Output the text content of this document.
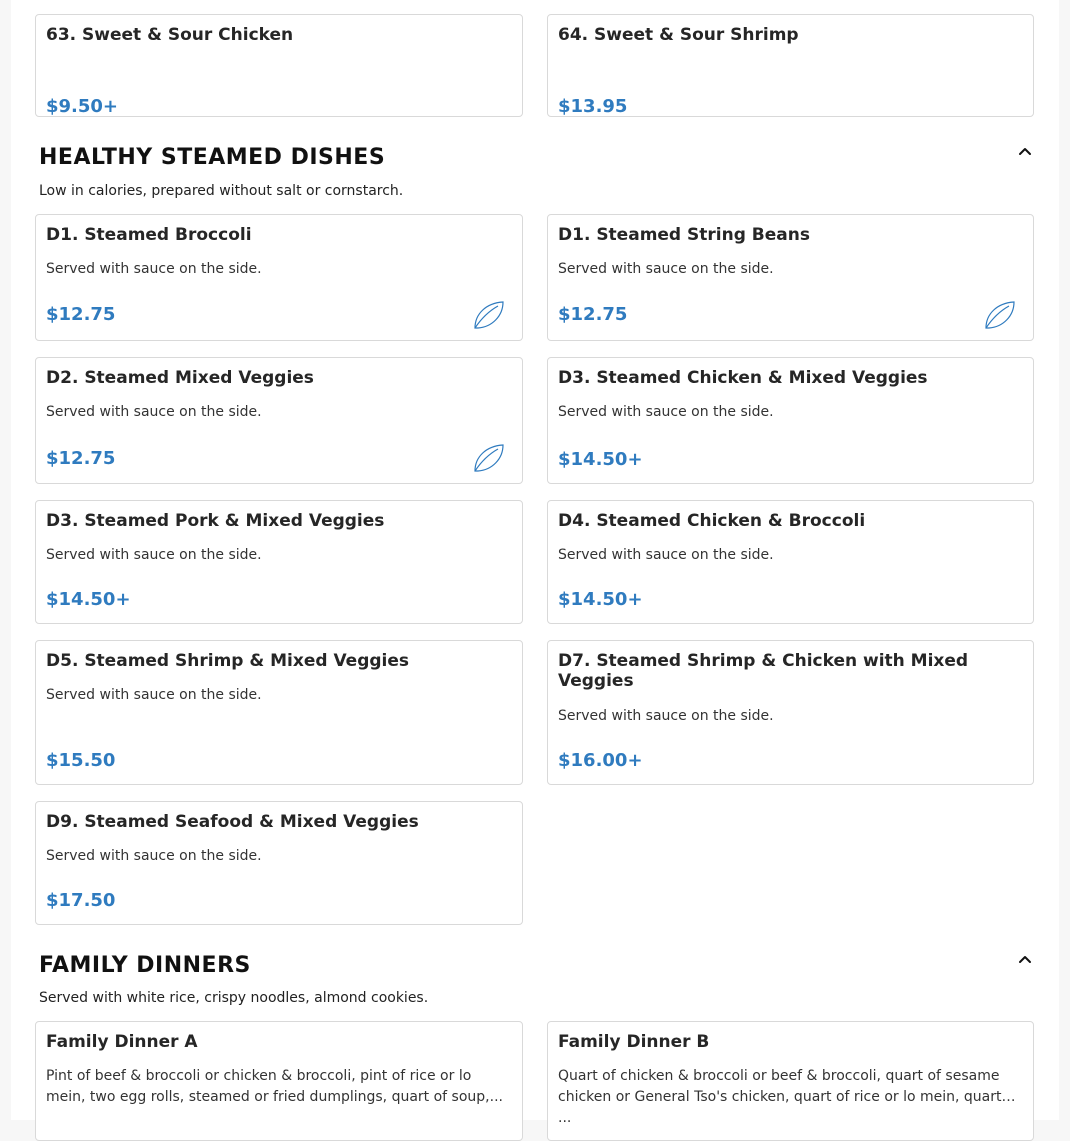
63. Sweet & Sour Chicken
$9.50+
64. Sweet & Sour Shrimp
$13.95
HEALTHY STEAMED DISHES
Low in calories, prepared without salt or cornstarch.
D1. Steamed Broccoli
Served with sauce on the side.
$12.75
D1. Steamed String Beans
Served with sauce on the side.
$12.75
D2. Steamed Mixed Veggies
Served with sauce on the side.
$12.75
D3. Steamed Chicken & Mixed Veggies
Served with sauce on the side.
$14.50+
D3. Steamed Pork & Mixed Veggies
Served with sauce on the side.
$14.50+
D4. Steamed Chicken & Broccoli
Served with sauce on the side.
$14.50+
D5. Steamed Shrimp & Mixed Veggies
Served with sauce on the side.
$15.50
D7. Steamed Shrimp & Chicken with Mixed Veggies
Served with sauce on the side.
$16.00+
D9. Steamed Seafood & Mixed Veggies
Served with sauce on the side.
$17.50
FAMILY DINNERS
Served with white rice, crispy noodles, almond cookies.
Family Dinner A
Pint of beef & broccoli or chicken & broccoli, pint of rice or lo mein, two egg rolls, steamed or fried dumplings, quart of soup,...
Family Dinner B
Quart of chicken & broccoli or beef & broccoli, quart of sesame chicken or General Tso's chicken, quart of rice or lo mein, quart ...
